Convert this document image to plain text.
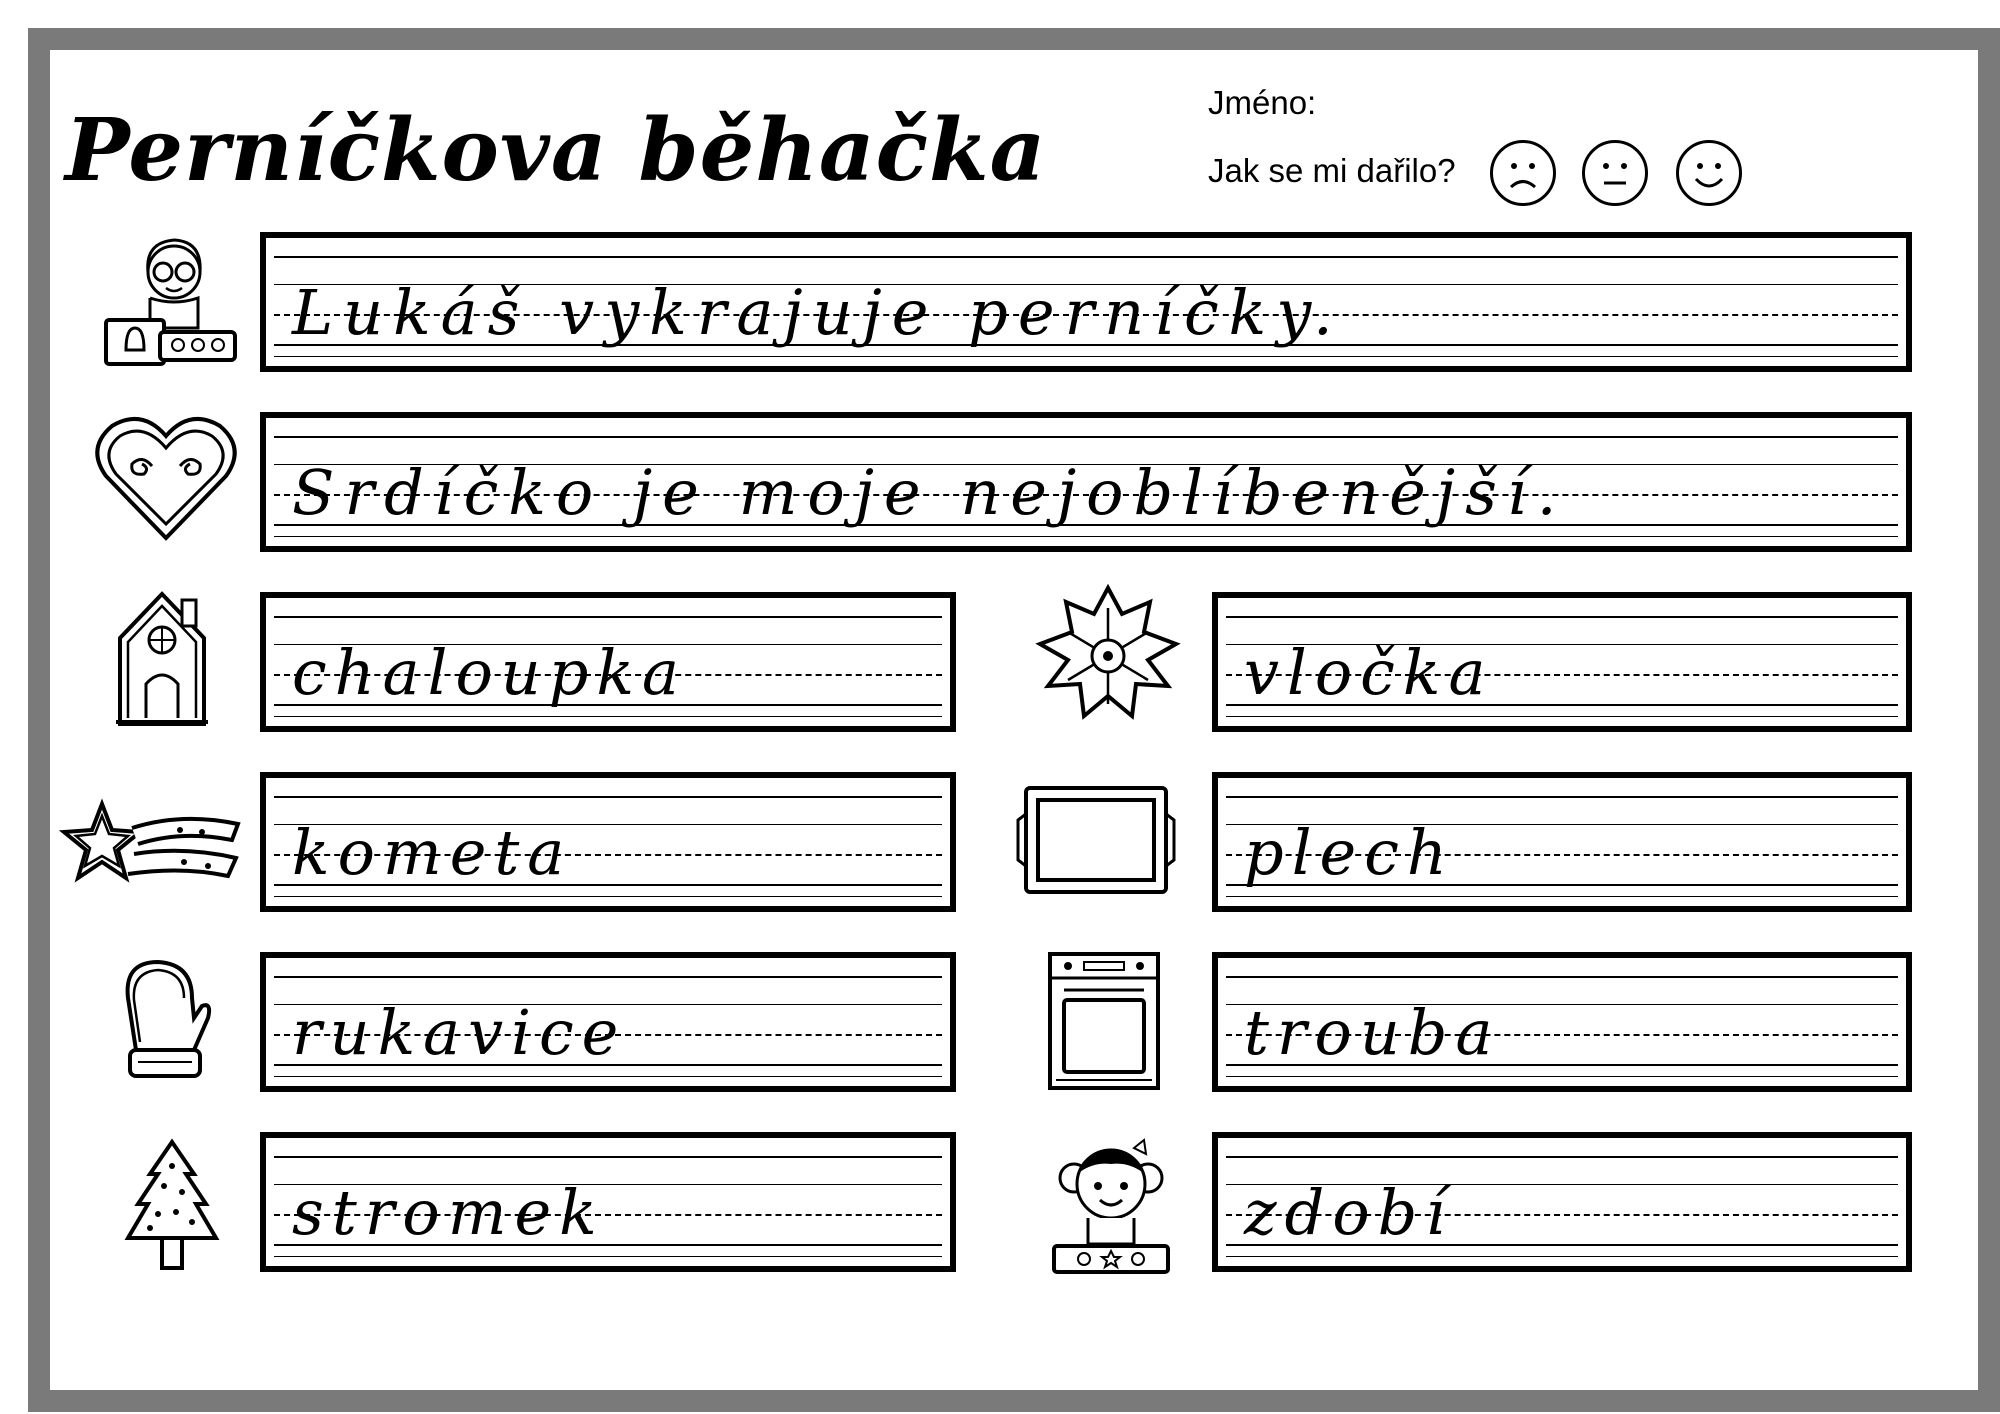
Perníčkova běhačka	Jméno:
Jak se mi dařilo?
Lukáš vykrajuje perníčky.
Srdíčko je moje nejoblíbenější.
chaloupka
kometa
rukavice
stromek
vločka
plech
trouba
zdobí
